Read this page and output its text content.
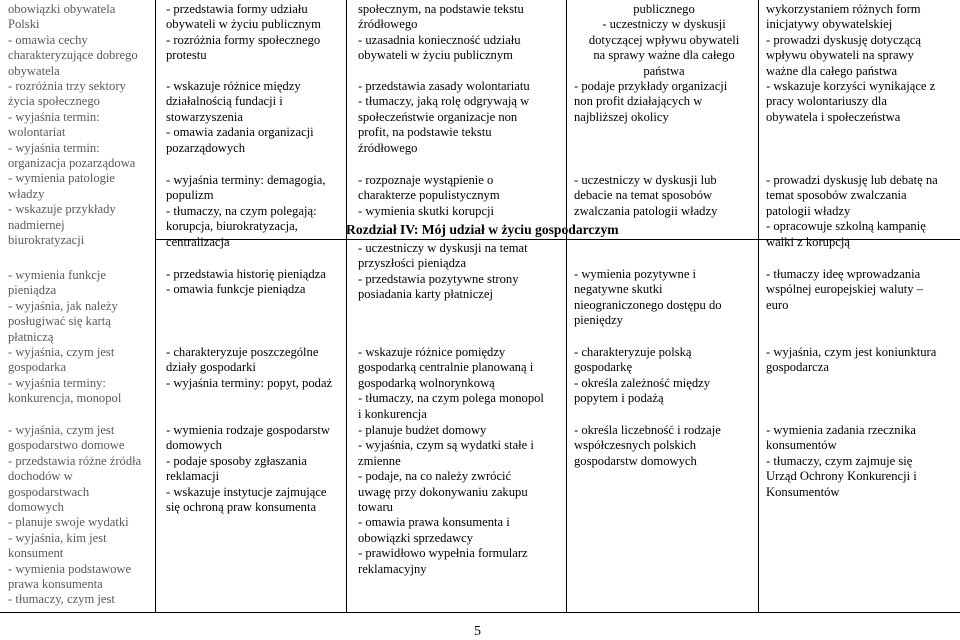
obowiązki obywatela
Polski
- omawia cechy
charakteryzujące dobrego
obywatela
- rozróżnia trzy sektory
życia społecznego
- wyjaśnia termin:
wolontariat
- wyjaśnia termin:
organizacja pozarządowa
- wymienia patologie
władzy
- wskazuje przykłady
nadmiernej
biurokratyzacji
- wymienia funkcje
pieniądza
- wyjaśnia, jak należy
posługiwać się kartą
płatniczą
- wyjaśnia, czym jest
gospodarka
- wyjaśnia terminy:
konkurencja, monopol
- wyjaśnia, czym jest
gospodarstwo domowe
- przedstawia różne źródła
dochodów w
gospodarstwach
domowych
- planuje swoje wydatki
- wyjaśnia, kim jest
konsument
- wymienia podstawowe
prawa konsumenta
- tłumaczy, czym jest
- przedstawia formy udziału
obywateli w życiu publicznym
- rozróżnia formy społecznego
protestu
- wskazuje różnice między
działalnością fundacji i
stowarzyszenia
- omawia zadania organizacji
pozarządowych
- wyjaśnia terminy: demagogia,
populizm
- tłumaczy, na czym polegają:
korupcja, biurokratyzacja,
centralizacja
- przedstawia historię pieniądza
- omawia funkcje pieniądza
- charakteryzuje poszczególne
działy gospodarki
- wyjaśnia terminy: popyt, podaż
- wymienia rodzaje gospodarstw
domowych
- podaje sposoby zgłaszania
reklamacji
- wskazuje instytucje zajmujące
się ochroną praw konsumenta
społecznym, na podstawie tekstu
źródłowego
- uzasadnia konieczność udziału
obywateli w życiu publicznym
- przedstawia zasady wolontariatu
- tłumaczy, jaką rolę odgrywają w
społeczeństwie organizacje non
profit, na podstawie tekstu
źródłowego
- rozpoznaje wystąpienie o
charakterze populistycznym
- wymienia skutki korupcji
- uczestniczy w dyskusji na temat
przyszłości pieniądza
- przedstawia pozytywne strony
posiadania karty płatniczej
- wskazuje różnice pomiędzy
gospodarką centralnie planowaną i
gospodarką wolnorynkową
- tłumaczy, na czym polega monopol
i konkurencja
- planuje budżet domowy
- wyjaśnia, czym są wydatki stałe i
zmienne
- podaje, na co należy zwrócić
uwagę przy dokonywaniu zakupu
towaru
- omawia prawa konsumenta i
obowiązki sprzedawcy
- prawidłowo wypełnia formularz
reklamacyjny
publicznego
- uczestniczy w dyskusji
dotyczącej wpływu obywateli
na sprawy ważne dla całego
państwa
- podaje przykłady organizacji
non profit działających w
najbliższej okolicy
- uczestniczy w dyskusji lub
debacie na temat sposobów
zwalczania patologii władzy
- wymienia pozytywne i
negatywne skutki
nieograniczonego dostępu do
pieniędzy
- charakteryzuje polską
gospodarkę
- określa zależność między
popytem i podażą
- określa liczebność i rodzaje
współczesnych polskich
gospodarstw domowych
wykorzystaniem różnych form
inicjatywy obywatelskiej
- prowadzi dyskusję dotyczącą
wpływu obywateli na sprawy
ważne dla całego państwa
- wskazuje korzyści wynikające z
pracy wolontariuszy dla
obywatela i społeczeństwa
- prowadzi dyskusję lub debatę na
temat sposobów zwalczania
patologii władzy
- opracowuje szkolną kampanię
walki z korupcją
- tłumaczy ideę wprowadzania
wspólnej europejskiej waluty –
euro
- wyjaśnia, czym jest koniunktura
gospodarcza
- wymienia zadania rzecznika
konsumentów
- tłumaczy, czym zajmuje się
Urząd Ochrony Konkurencji i
Konsumentów
Rozdział IV: Mój udział w życiu gospodarczym
5
